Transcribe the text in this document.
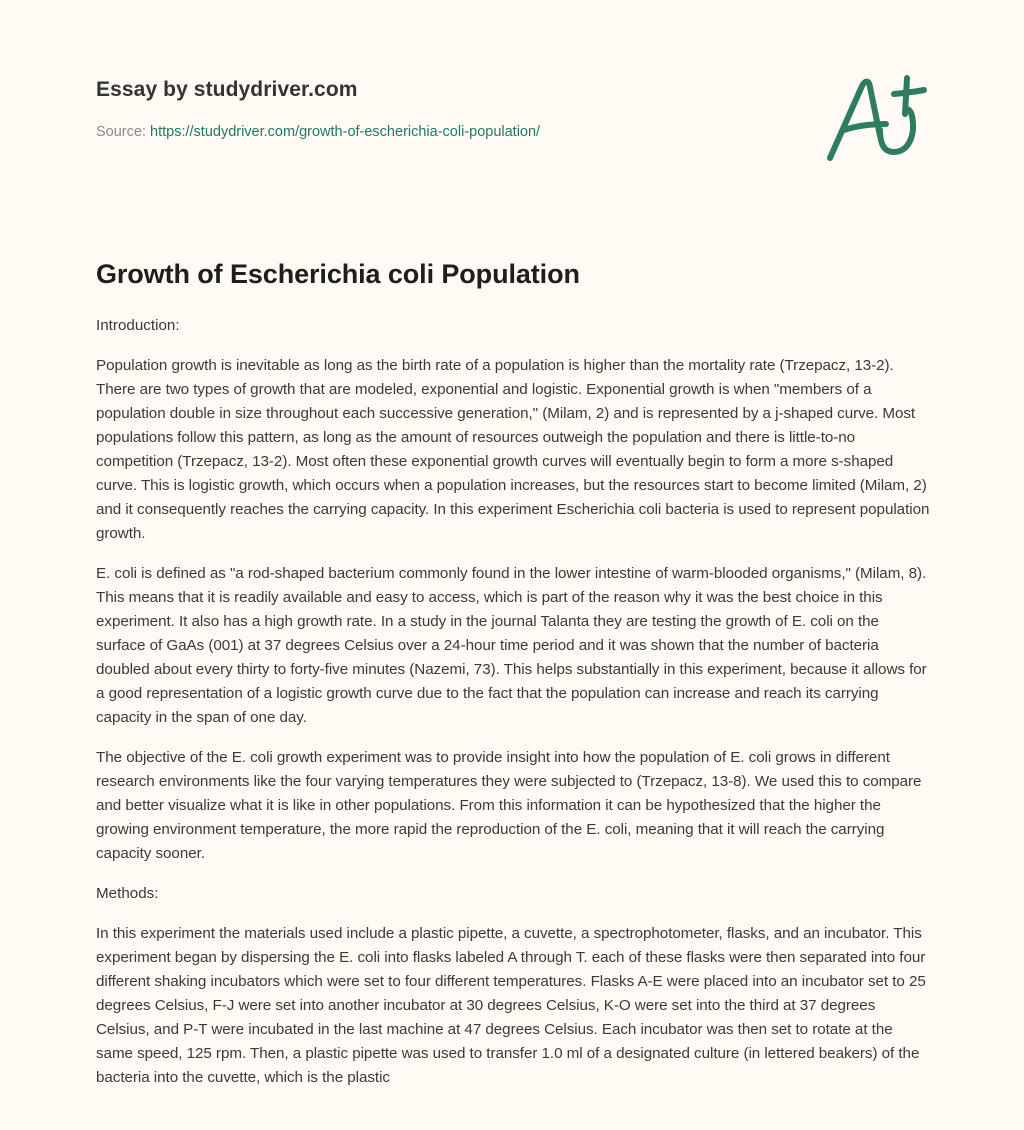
Essay by studydriver.com
Source: https://studydriver.com/growth-of-escherichia-coli-population/
Growth of Escherichia coli Population

Introduction:

Population growth is inevitable as long as the birth rate of a population is higher than the mortality rate (Trzepacz, 13-2). There are two types of growth that are modeled, exponential and logistic. Exponential growth is when "members of a population double in size throughout each successive generation," (Milam, 2) and is represented by a j-shaped curve. Most populations follow this pattern, as long as the amount of resources outweigh the population and there is little-to-no competition (Trzepacz, 13-2). Most often these exponential growth curves will eventually begin to form a more s-shaped curve. This is logistic growth, which occurs when a population increases, but the resources start to become limited (Milam, 2) and it consequently reaches the carrying capacity. In this experiment Escherichia coli bacteria is used to represent population growth.

E. coli is defined as "a rod-shaped bacterium commonly found in the lower intestine of warm-blooded organisms," (Milam, 8). This means that it is readily available and easy to access, which is part of the reason why it was the best choice in this experiment. It also has a high growth rate. In a study in the journal Talanta they are testing the growth of E. coli on the surface of GaAs (001) at 37 degrees Celsius over a 24-hour time period and it was shown that the number of bacteria doubled about every thirty to forty-five minutes (Nazemi, 73). This helps substantially in this experiment, because it allows for a good representation of a logistic growth curve due to the fact that the population can increase and reach its carrying capacity in the span of one day.

The objective of the E. coli growth experiment was to provide insight into how the population of E. coli grows in different research environments like the four varying temperatures they were subjected to (Trzepacz, 13-8). We used this to compare and better visualize what it is like in other populations. From this information it can be hypothesized that the higher the growing environment temperature, the more rapid the reproduction of the E. coli, meaning that it will reach the carrying capacity sooner.

Methods:

In this experiment the materials used include a plastic pipette, a cuvette, a spectrophotometer, flasks, and an incubator. This experiment began by dispersing the E. coli into flasks labeled A through T. each of these flasks were then separated into four different shaking incubators which were set to four different temperatures. Flasks A-E were placed into an incubator set to 25 degrees Celsius, F-J were set into another incubator at 30 degrees Celsius, K-O were set into the third at 37 degrees Celsius, and P-T were incubated in the last machine at 47 degrees Celsius. Each incubator was then set to rotate at the same speed, 125 rpm. Then, a plastic pipette was used to transfer 1.0 ml of a designated culture (in lettered beakers) of the bacteria into the cuvette, which is the plastic
